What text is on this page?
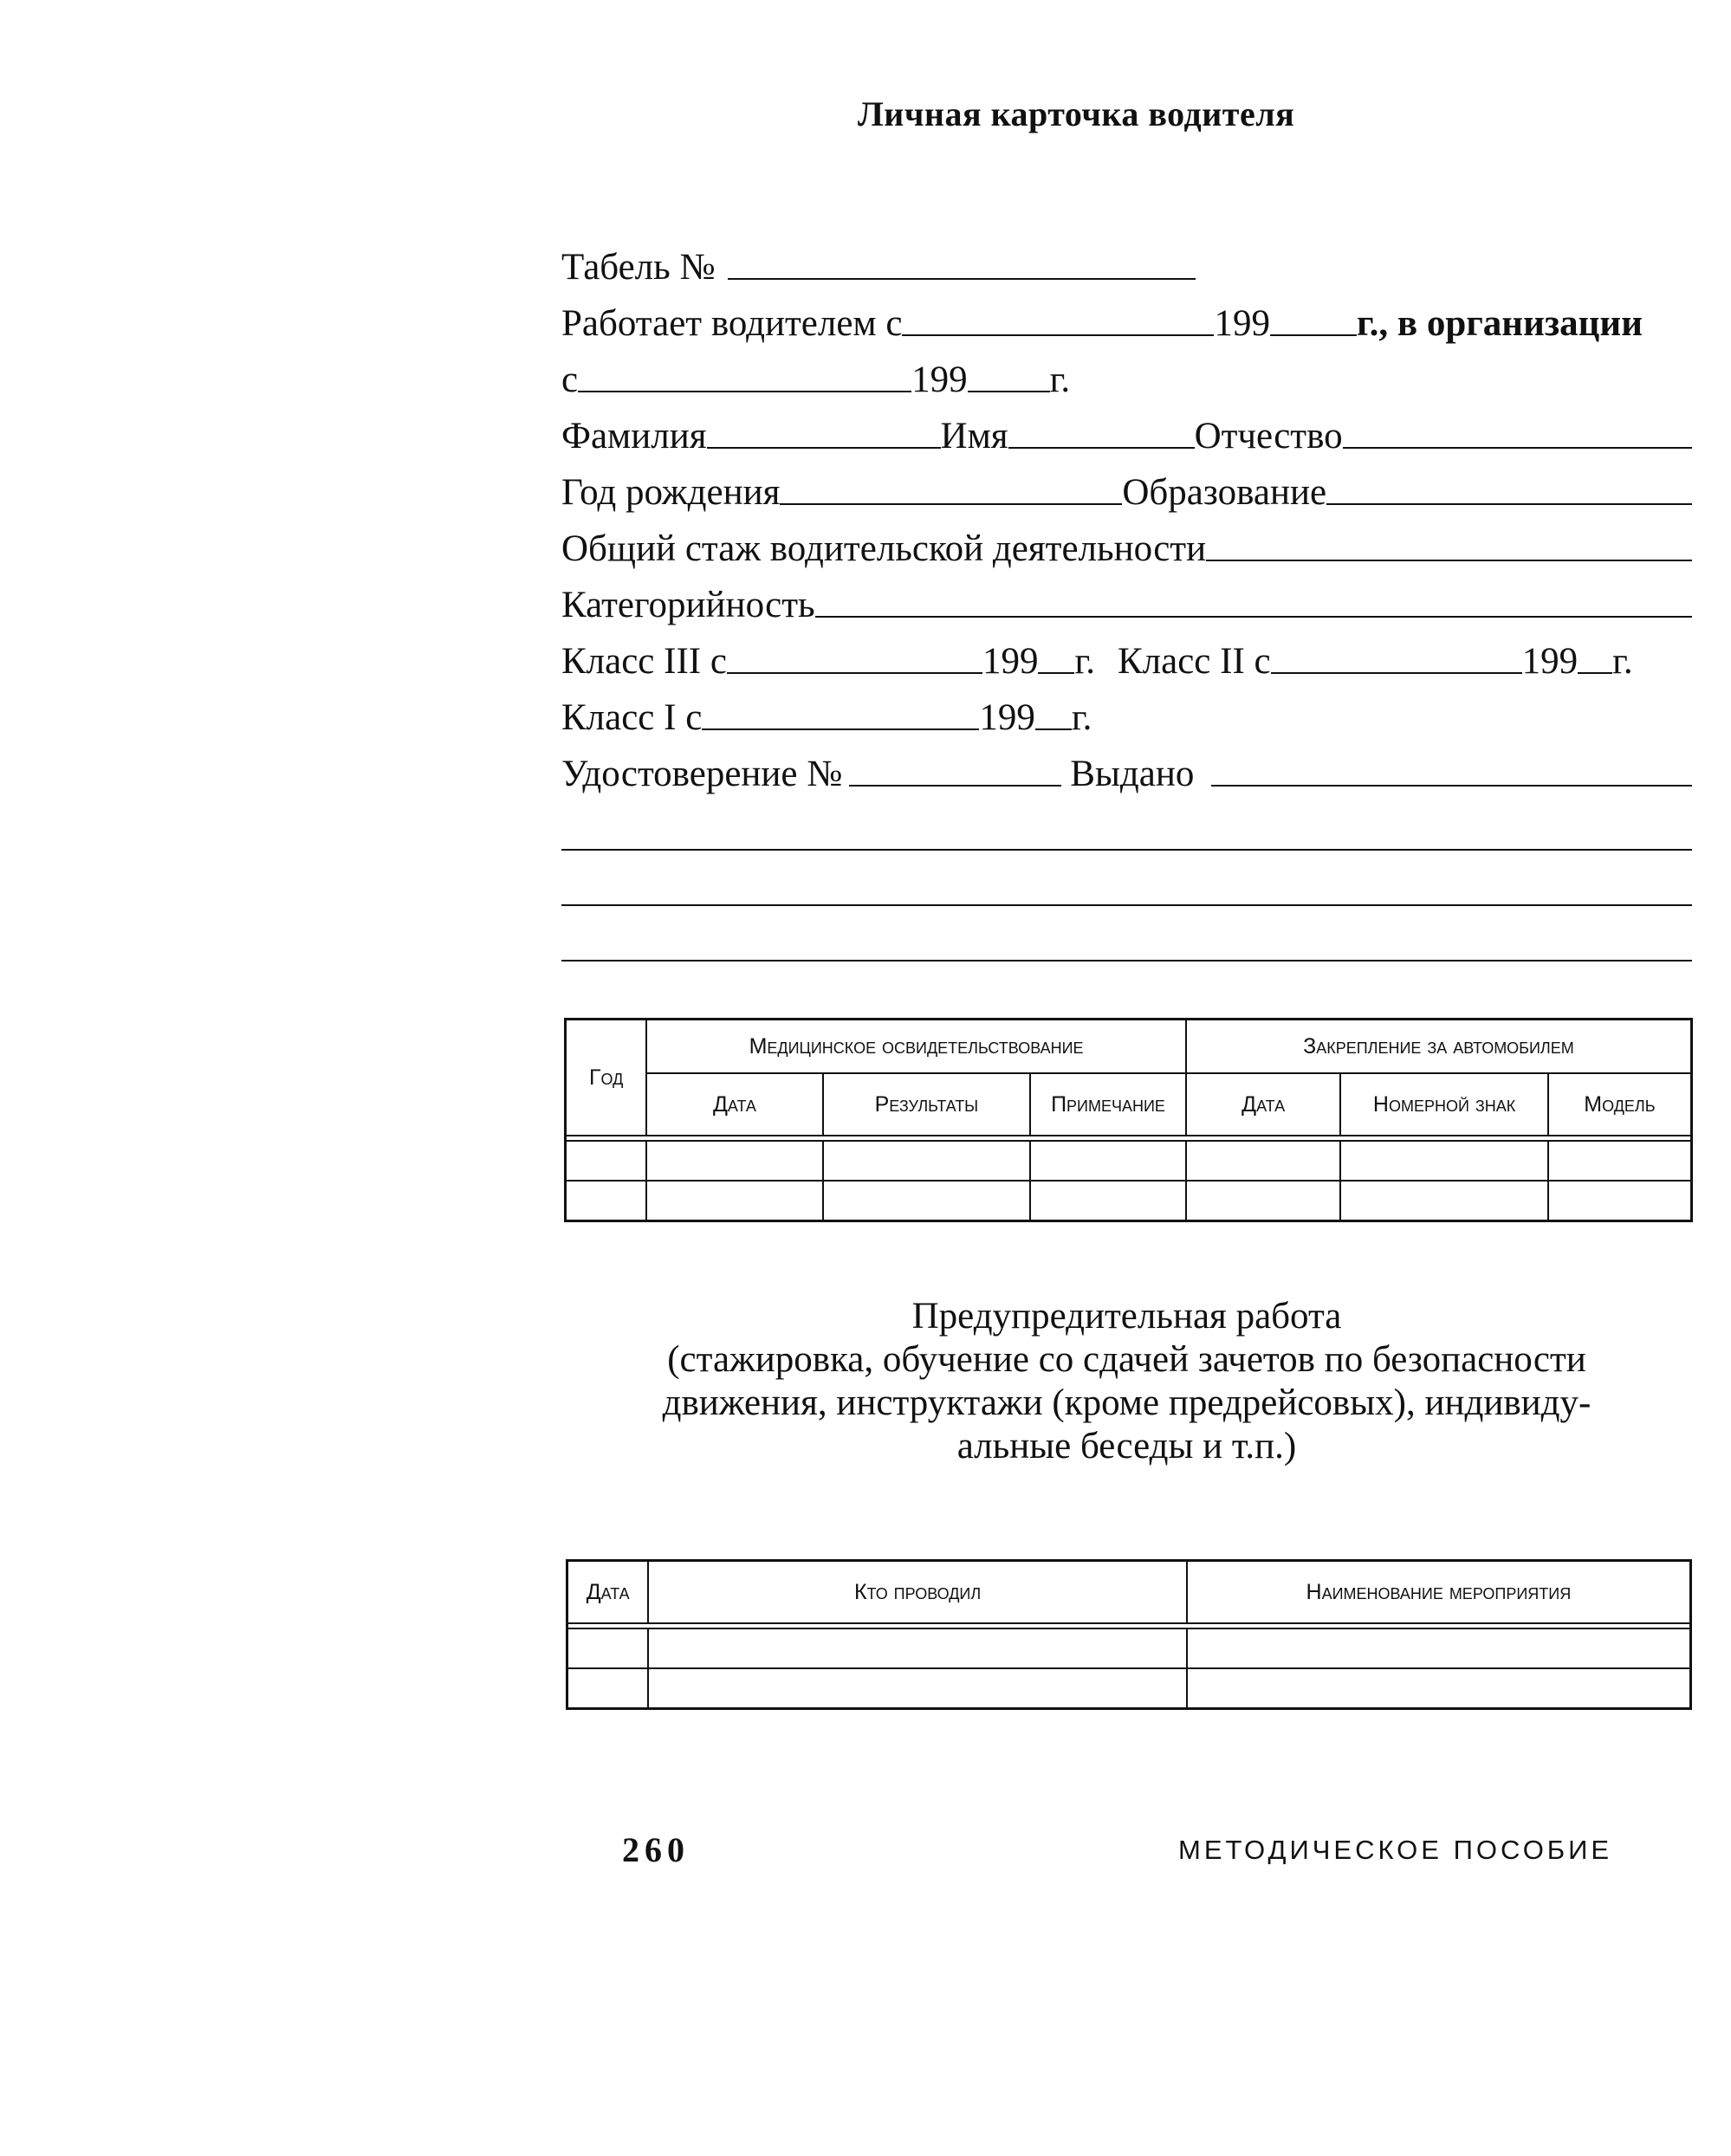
Личная карточка водителя
Табель №
Работает водителем с	199 г., в организации
с	199 г.
Фамилия	Имя	Отчество
Год рождения	Образование
Общий стаж водительской деятельности
Категорийность
Класс III с	199 г. Класс II с	199 г.
Класс I с	199 г.
Удостоверение №	Выдано
Год	Медицинское освидетельствование			Закрепление за автомобилем		
	Дата	Результаты	Примечание	Дата	Номерной знак	Модель

Предупредительная работа
(стажировка, обучение со сдачей зачетов по безопасности
движения, инструктажи (кроме предрейсовых), индивиду-
альные беседы и т.п.)
Дата	Кто проводил	Наименование мероприятия

260	МЕТОДИЧЕСКОЕ ПОСОБИЕ
